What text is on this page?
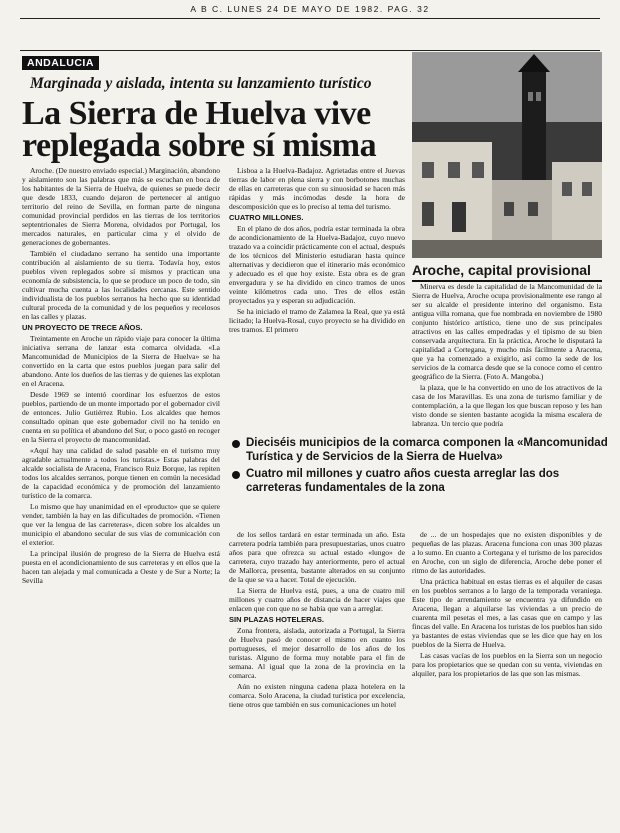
A B C. LUNES 24 DE MAYO DE 1982. PAG. 32
ANDALUCIA
Marginada y aislada, intenta su lanzamiento turístico
La Sierra de Huelva vive replegada sobre sí misma
Aroche, capital provisional

Aroche. (De nuestro enviado especial.) Marginación, abandono y aislamiento son las palabras que más se escuchan en boca de los habitantes de la Sierra de Huelva, de quienes se puede decir que desde 1833, cuando dejaron de pertenecer al antiguo territorio del reino de Sevilla, en forman parte de ninguna comunidad provincial perdidos en las tierras de los territorios septentrionales de Sierra Morena, olvidados por Portugal, los mercados naturales, en particular cima y el olvido de generaciones de gobernantes.

También el ciudadano serrano ha sentido una importante contribución al aislamiento de su tierra. Todavía hoy, estos pueblos viven replegados sobre sí mismos y practican una economía de subsistencia, lo que se produce un poco de todo, sin cultivar mucha cuenta a las localidades cercanas. Este sentido individualista de los pueblos serranos ha hecho que su identidad cultural proceda de la comunidad y de los pequeños y recelosos en las calles y plazas.

UN PROYECTO DE TRECE AÑOS.

Treintamente en Aroche un rápido viaje para conocer la última iniciativa serrana de lanzar esta comarca olvidada. «La Mancomunidad de Municipios de la Sierra de Huelva» se ha convertido en la carta que estos pueblos juegan para salir del abandono. Ante los dueños de las tierras y de quienes las explotan en el Aracena.

Desde 1969 se intentó coordinar los esfuerzos de estos pueblos, partiendo de un monte importado por el gobernador civil de entonces. Julio Gutiérrez Rubio. Los alcaldes que hemos consultado opinan que este gobernador civil no ha tenido en cuenta en su política el abandono del Sur, o poco gastó en recoger en la Sierra el proyecto de mancomunidad.

«Aquí hay una calidad de salud pasable en el turismo muy agradable actualmente a todos los turistas.» Estas palabras del alcalde socialista de Aracena, Francisco Ruiz Borque, las repiten todos los alcaldes serranos, porque tienen en común la necesidad de la capacidad económica y de promoción del lanzamiento turístico de la comarca.

Lo mismo que hay unanimidad en el «producto» que se quiere vender, también la hay en las dificultades de promoción. «Tienen que ver la lengua de las carreteras», dicen sobre los alcaldes un municipio el abandono secular de sus vías de comunicación con el exterior.

La principal ilusión de progreso de la Sierra de Huelva está puesta en el acondicionamiento de sus carreteras y en ellos que la hacen tan alejada y mal comunicada a Oeste y de Sur a Norte; la Sevilla

Lisboa a la Huelva-Badajoz. Agrietadas entre el Juevas tierras de labor en plena sierra y con borbotones muchas de ellas en carreteras que con su sinuosidad se hacen más rápidas y más incómodas desde la hora de descomposición que es lo preciso al tema del turismo.

CUATRO MILLONES.

En el plano de dos años, podría estar terminada la obra de acondicionamiento de la Huelva-Badajoz, cuyo nuevo trazado va a coincidir prácticamente con el actual, después de los técnicos del Ministerio estudiaran hasta quince alternativas y decidieron que el itinerario más económico y adecuado es el que hoy existe. Esta obra es de gran envergadura y se ha dividido en cinco tramos de unos veinte kilómetros cada uno. Tres de ellos están proyectados ya y esperan su adjudicación.

Se ha iniciado el tramo de Zalamea la Real, que ya está licitado; la Huelva-Rosal, cuyo proyecto se ha dividido en tres tramos. El primero

Minerva es desde la capitalidad de la Mancomunidad de la Sierra de Huelva, Aroche ocupa provisionalmente ese rango al ser su alcalde el presidente interino del organismo. Esta antigua villa romana, que fue nombrada en noviembre de 1980 conjunto histórico artístico, tiene uno de sus principales atractivos en las calles empedradas y el tipismo de su bien conservada arquitectura. En la práctica, Aroche le disputará la capitalidad a Cortegana, y mucho más fácilmente a Aracena, que ya ha comenzado a exigirlo, así como la sede de los servicios de la comarca desde que se la conoce como el centro geográfico de la Sierra. (Foto A. Mangoba.)

la plaza, que le ha convertido en uno de los atractivos de la casa de los Maravillas. Es una zona de turismo familiar y de contemplación, a la que llegan los que buscan reposo y les han visto donde se sienten bastante acogida la misma escalera de labranza. Un tercio que podría

Dieciséis municipios de la comarca componen la «Mancomunidad Turística y de Servicios de la Sierra de Huelva»
Cuatro mil millones y cuatro años cuesta arreglar las dos carreteras fundamentales de la zona

de los sellos tardará en estar terminada un año. Esta carretera podría también para presupuestarias, unos cuatro años para que ofrezca su actual estado «lungo» de carretera, cuyo trazado hay anteriormente, pero el actual de Mallorca, presenta, bastante alterados en su conjunto de la que se va a hacer. Total de ejecución.

La Sierra de Huelva está, pues, a una de cuatro mil millones y cuatro años de distancia de hacer viajes que enlacen que con que no se había que van a arreglar.

SIN PLAZAS HOTELERAS.

Zona frontera, aislada, autorizada a Portugal, la Sierra de Huelva pasó de conocer el mismo en cuanto los portugueses, el mejor desarrollo de los años de los turistas. Alguno de forma muy notable para el fin de semana. Al igual que la zona de la provincia en la comarca.

Aún no existen ninguna cadena plaza hotelera en la comarca. Solo Aracena, la ciudad turística por excelencia, tiene otros que también en sus comunicaciones un hotel

de ... de un hospedajes que no existen disponibles y de pequeñas de las plazas. Aracena funciona con unas 300 plazas a lo sumo. En cuanto a Cortegana y el turismo de los parecidos en Aroche, con un siglo de diferencia, Aroche debe poner el ritmo de las autoridades.

Una práctica habitual en estas tierras es el alquiler de casas en los pueblos serranos a lo largo de la temporada veraniega. Este tipo de arrendamiento se encuentra ya difundido en Aracena, llegan a alquilarse las viviendas a un precio de cuarenta mil pesetas el mes, a las casas que en campo y las fincas del valle. En Aracena los turistas de los pueblos han sido ya bastantes de estas viviendas que se les dice que hay en los pueblos de la Sierra de Huelva.

Las casas vacías de los pueblos en la Sierra son un negocio para los propietarios que se quedan con su venta, viviendas en alquiler, para los propietarios de las que son las mismas.
